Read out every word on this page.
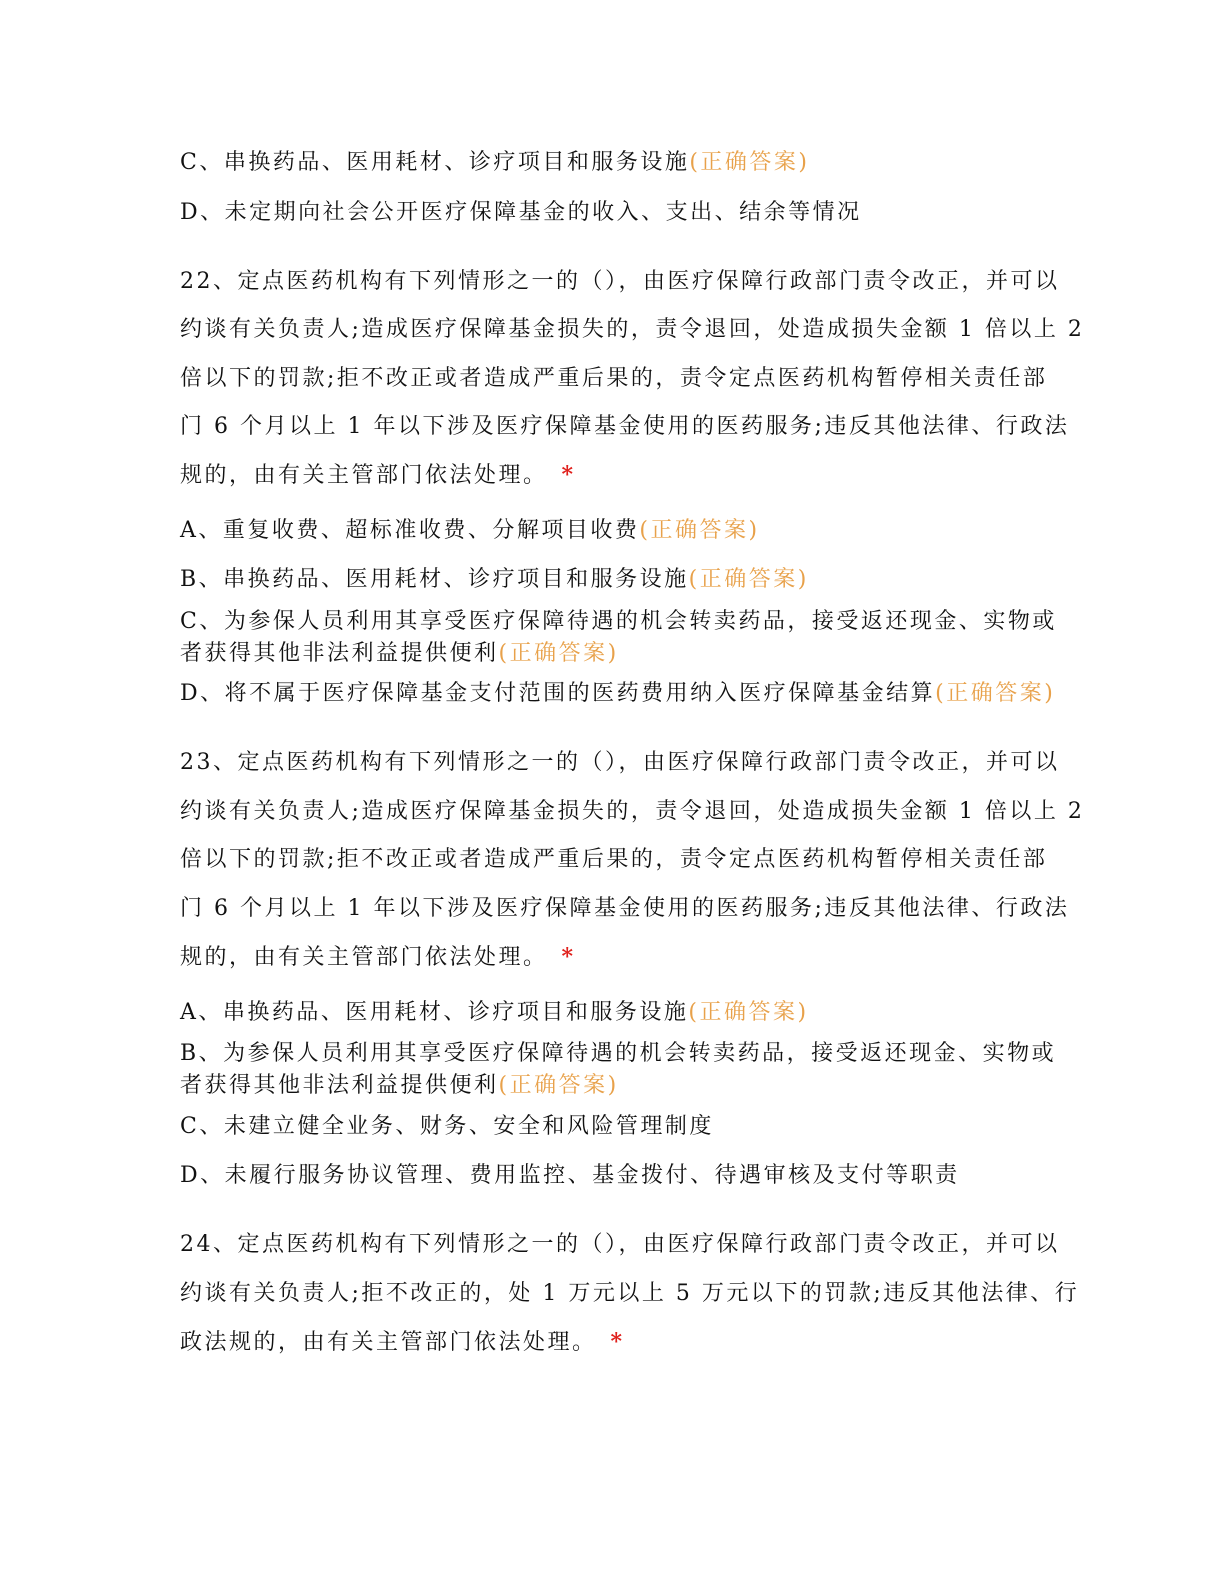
C、串换药品、医用耗材、诊疗项目和服务设施(正确答案)
D、未定期向社会公开医疗保障基金的收入、支出、结余等情况
22、定点医药机构有下列情形之一的（），由医疗保障行政部门责令改正，并可以
约谈有关负责人;造成医疗保障基金损失的，责令退回，处造成损失金额 1 倍以上 2
倍以下的罚款;拒不改正或者造成严重后果的，责令定点医药机构暂停相关责任部
门 6 个月以上 1 年以下涉及医疗保障基金使用的医药服务;违反其他法律、行政法
规的，由有关主管部门依法处理。 *
A、重复收费、超标准收费、分解项目收费(正确答案)
B、串换药品、医用耗材、诊疗项目和服务设施(正确答案)
C、为参保人员利用其享受医疗保障待遇的机会转卖药品，接受返还现金、实物或
者获得其他非法利益提供便利(正确答案)
D、将不属于医疗保障基金支付范围的医药费用纳入医疗保障基金结算(正确答案)
23、定点医药机构有下列情形之一的（），由医疗保障行政部门责令改正，并可以
约谈有关负责人;造成医疗保障基金损失的，责令退回，处造成损失金额 1 倍以上 2
倍以下的罚款;拒不改正或者造成严重后果的，责令定点医药机构暂停相关责任部
门 6 个月以上 1 年以下涉及医疗保障基金使用的医药服务;违反其他法律、行政法
规的，由有关主管部门依法处理。 *
A、串换药品、医用耗材、诊疗项目和服务设施(正确答案)
B、为参保人员利用其享受医疗保障待遇的机会转卖药品，接受返还现金、实物或
者获得其他非法利益提供便利(正确答案)
C、未建立健全业务、财务、安全和风险管理制度
D、未履行服务协议管理、费用监控、基金拨付、待遇审核及支付等职责
24、定点医药机构有下列情形之一的（），由医疗保障行政部门责令改正，并可以
约谈有关负责人;拒不改正的，处 1 万元以上 5 万元以下的罚款;违反其他法律、行
政法规的，由有关主管部门依法处理。 *
